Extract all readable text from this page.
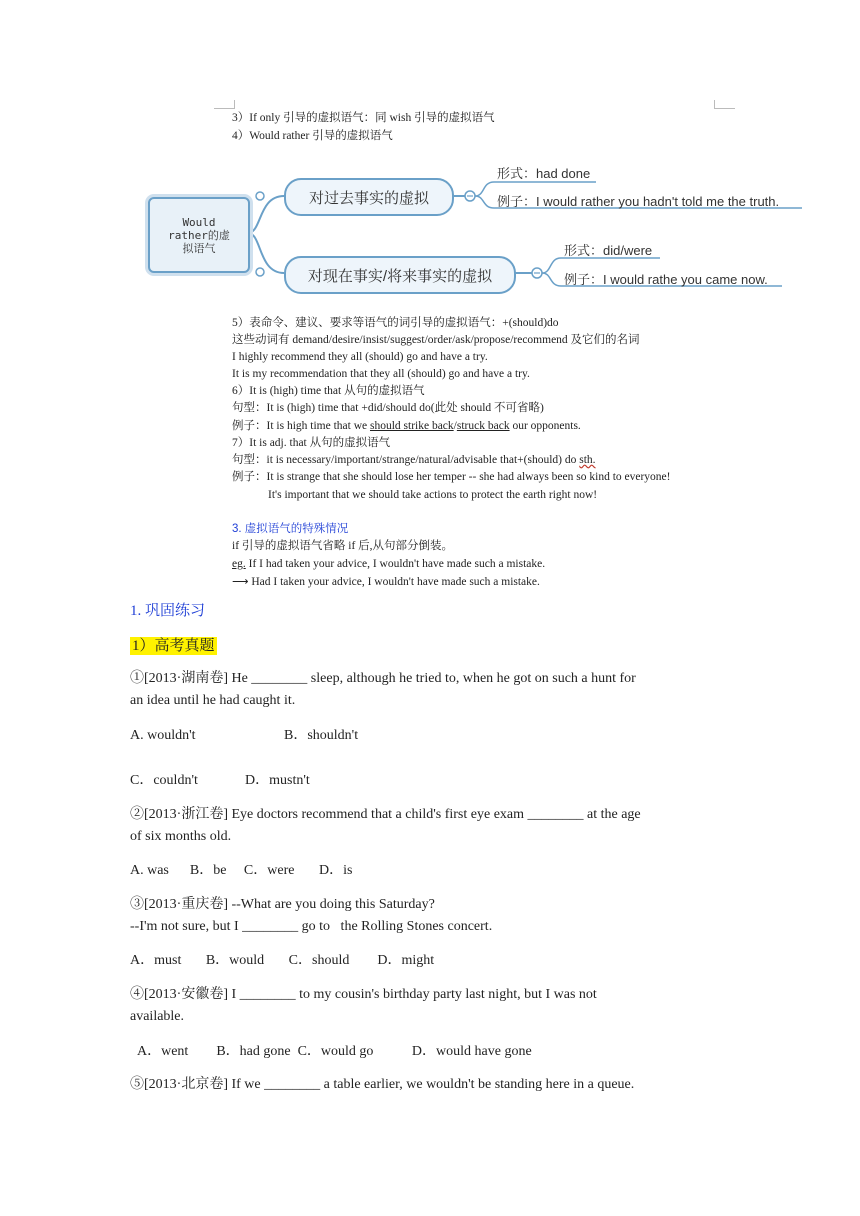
3）If only 引导的虚拟语气：同 wish 引导的虚拟语气
4）Would rather 引导的虚拟语气
Would rather的虚拟语气
对过去事实的虚拟
对现在事实/将来事实的虚拟
形式：had done
例子：I would rather you hadn't told me the truth.
形式：did/were
例子：I would rathe you came now.
5）表命令、建议、要求等语气的词引导的虚拟语气：+(should)do
这些动词有 demand/desire/insist/suggest/order/ask/propose/recommend 及它们的名词
I highly recommend they all (should) go and have a try.
It is my recommendation that they all (should) go and have a try.
6）It is (high) time that 从句的虚拟语气
句型：It is (high) time that +did/should do(此处 should 不可省略)
例子：It is high time that we should strike back/struck back our opponents.
7）It is adj. that 从句的虚拟语气
句型：it is necessary/important/strange/natural/advisable that+(should) do sth.
例子：It is strange that she should lose her temper -- she had always been so kind to everyone!
It's important that we should take actions to protect the earth right now!
3. 虚拟语气的特殊情况
if 引导的虚拟语气省略 if 后,从句部分倒装。
eg. If I had taken your advice, I wouldn't have made such a mistake.
⟶ Had I taken your advice, I wouldn't have made such a mistake.
1. 巩固练习
1）高考真题
①[2013·湖南卷] He ________ sleep, although he tried to, when he got on such a hunt for
an idea until he had caught it.
A. wouldn't	B．shouldn't
C．couldn't	D．mustn't
②[2013·浙江卷] Eye doctors recommend that a child's first eye exam ________ at the age
of six months old.
A. was      B．be     C．were       D．is
③[2013·重庆卷] --What are you doing this Saturday?
--I'm not sure, but I ________ go to   the Rolling Stones concert.
A．must       B．would       C．should        D．might
④[2013·安徽卷] I ________ to my cousin's birthday party last night, but I was not
available.
A．went        B．had gone  C．would go           D．would have gone
⑤[2013·北京卷] If we ________ a table earlier, we wouldn't be standing here in a queue.
